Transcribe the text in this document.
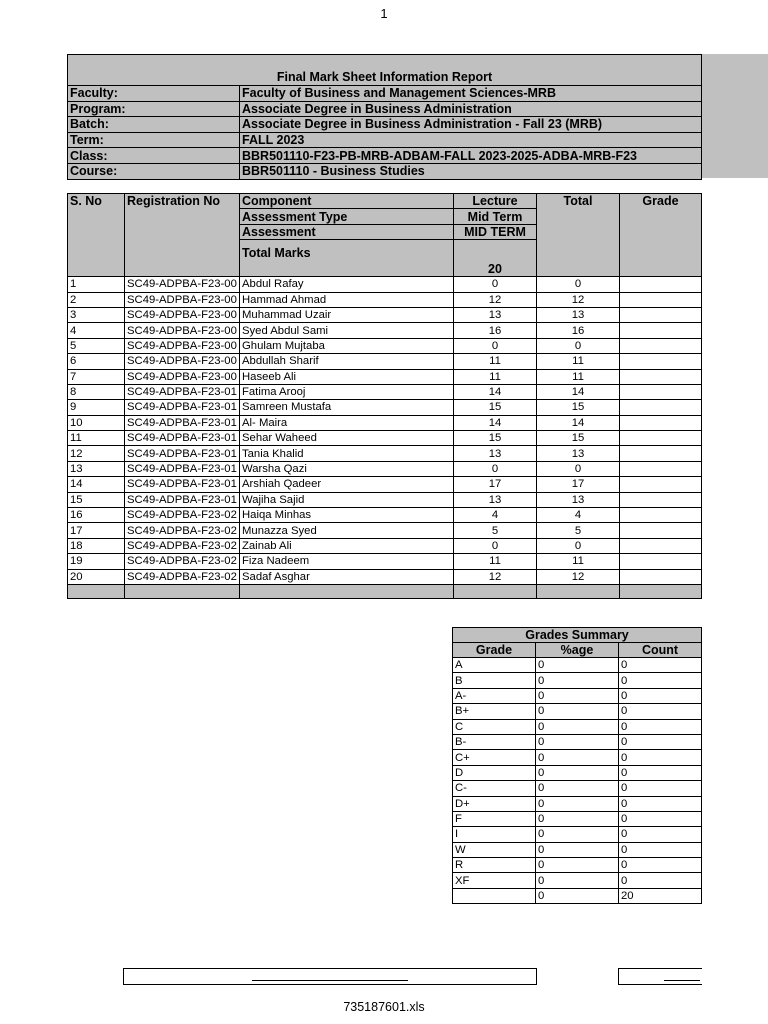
1
Final Mark Sheet Information Report	
Faculty:	Faculty of Business and Management Sciences-MRB
Program:	Associate Degree in Business Administration
Batch:	Associate Degree in Business Administration - Fall 23 (MRB)
Term:	FALL 2023
Class:	BBR501110-F23-PB-MRB-ADBAM-FALL 2023-2025-ADBA-MRB-F23
Course:	BBR501110 - Business Studies
S. No	Registration No	Component	Lecture	Total	Grade
		Assessment Type	Mid Term		
		Assessment	MID TERM		
		Total Marks	20		
1	SC49-ADPBA-F23-00	Abdul Rafay	0	0	
2	SC49-ADPBA-F23-00	Hammad Ahmad	12	12	
3	SC49-ADPBA-F23-00	Muhammad Uzair	13	13	
4	SC49-ADPBA-F23-00	Syed Abdul Sami	16	16	
5	SC49-ADPBA-F23-00	Ghulam Mujtaba	0	0	
6	SC49-ADPBA-F23-00	Abdullah Sharif	11	11	
7	SC49-ADPBA-F23-00	Haseeb Ali	11	11	
8	SC49-ADPBA-F23-01	Fatima Arooj	14	14	
9	SC49-ADPBA-F23-01	Samreen Mustafa	15	15	
10	SC49-ADPBA-F23-01	Al- Maira	14	14	
11	SC49-ADPBA-F23-01	Sehar Waheed	15	15	
12	SC49-ADPBA-F23-01	Tania Khalid	13	13	
13	SC49-ADPBA-F23-01	Warsha Qazi	0	0	
14	SC49-ADPBA-F23-01	Arshiah Qadeer	17	17	
15	SC49-ADPBA-F23-01	Wajiha Sajid	13	13	
16	SC49-ADPBA-F23-02	Haiqa Minhas	4	4	
17	SC49-ADPBA-F23-02	Munazza Syed	5	5	
18	SC49-ADPBA-F23-02	Zainab Ali	0	0	
19	SC49-ADPBA-F23-02	Fiza Nadeem	11	11	
20	SC49-ADPBA-F23-02	Sadaf Asghar	12	12	

Grades Summary		
Grade	%age	Count
A	0	0
B	0	0
A-	0	0
B+	0	0
C	0	0
B-	0	0
C+	0	0
D	0	0
C-	0	0
D+	0	0
F	0	0
I	0	0
W	0	0
R	0	0
XF	0	0
	0	20
735187601.xls
